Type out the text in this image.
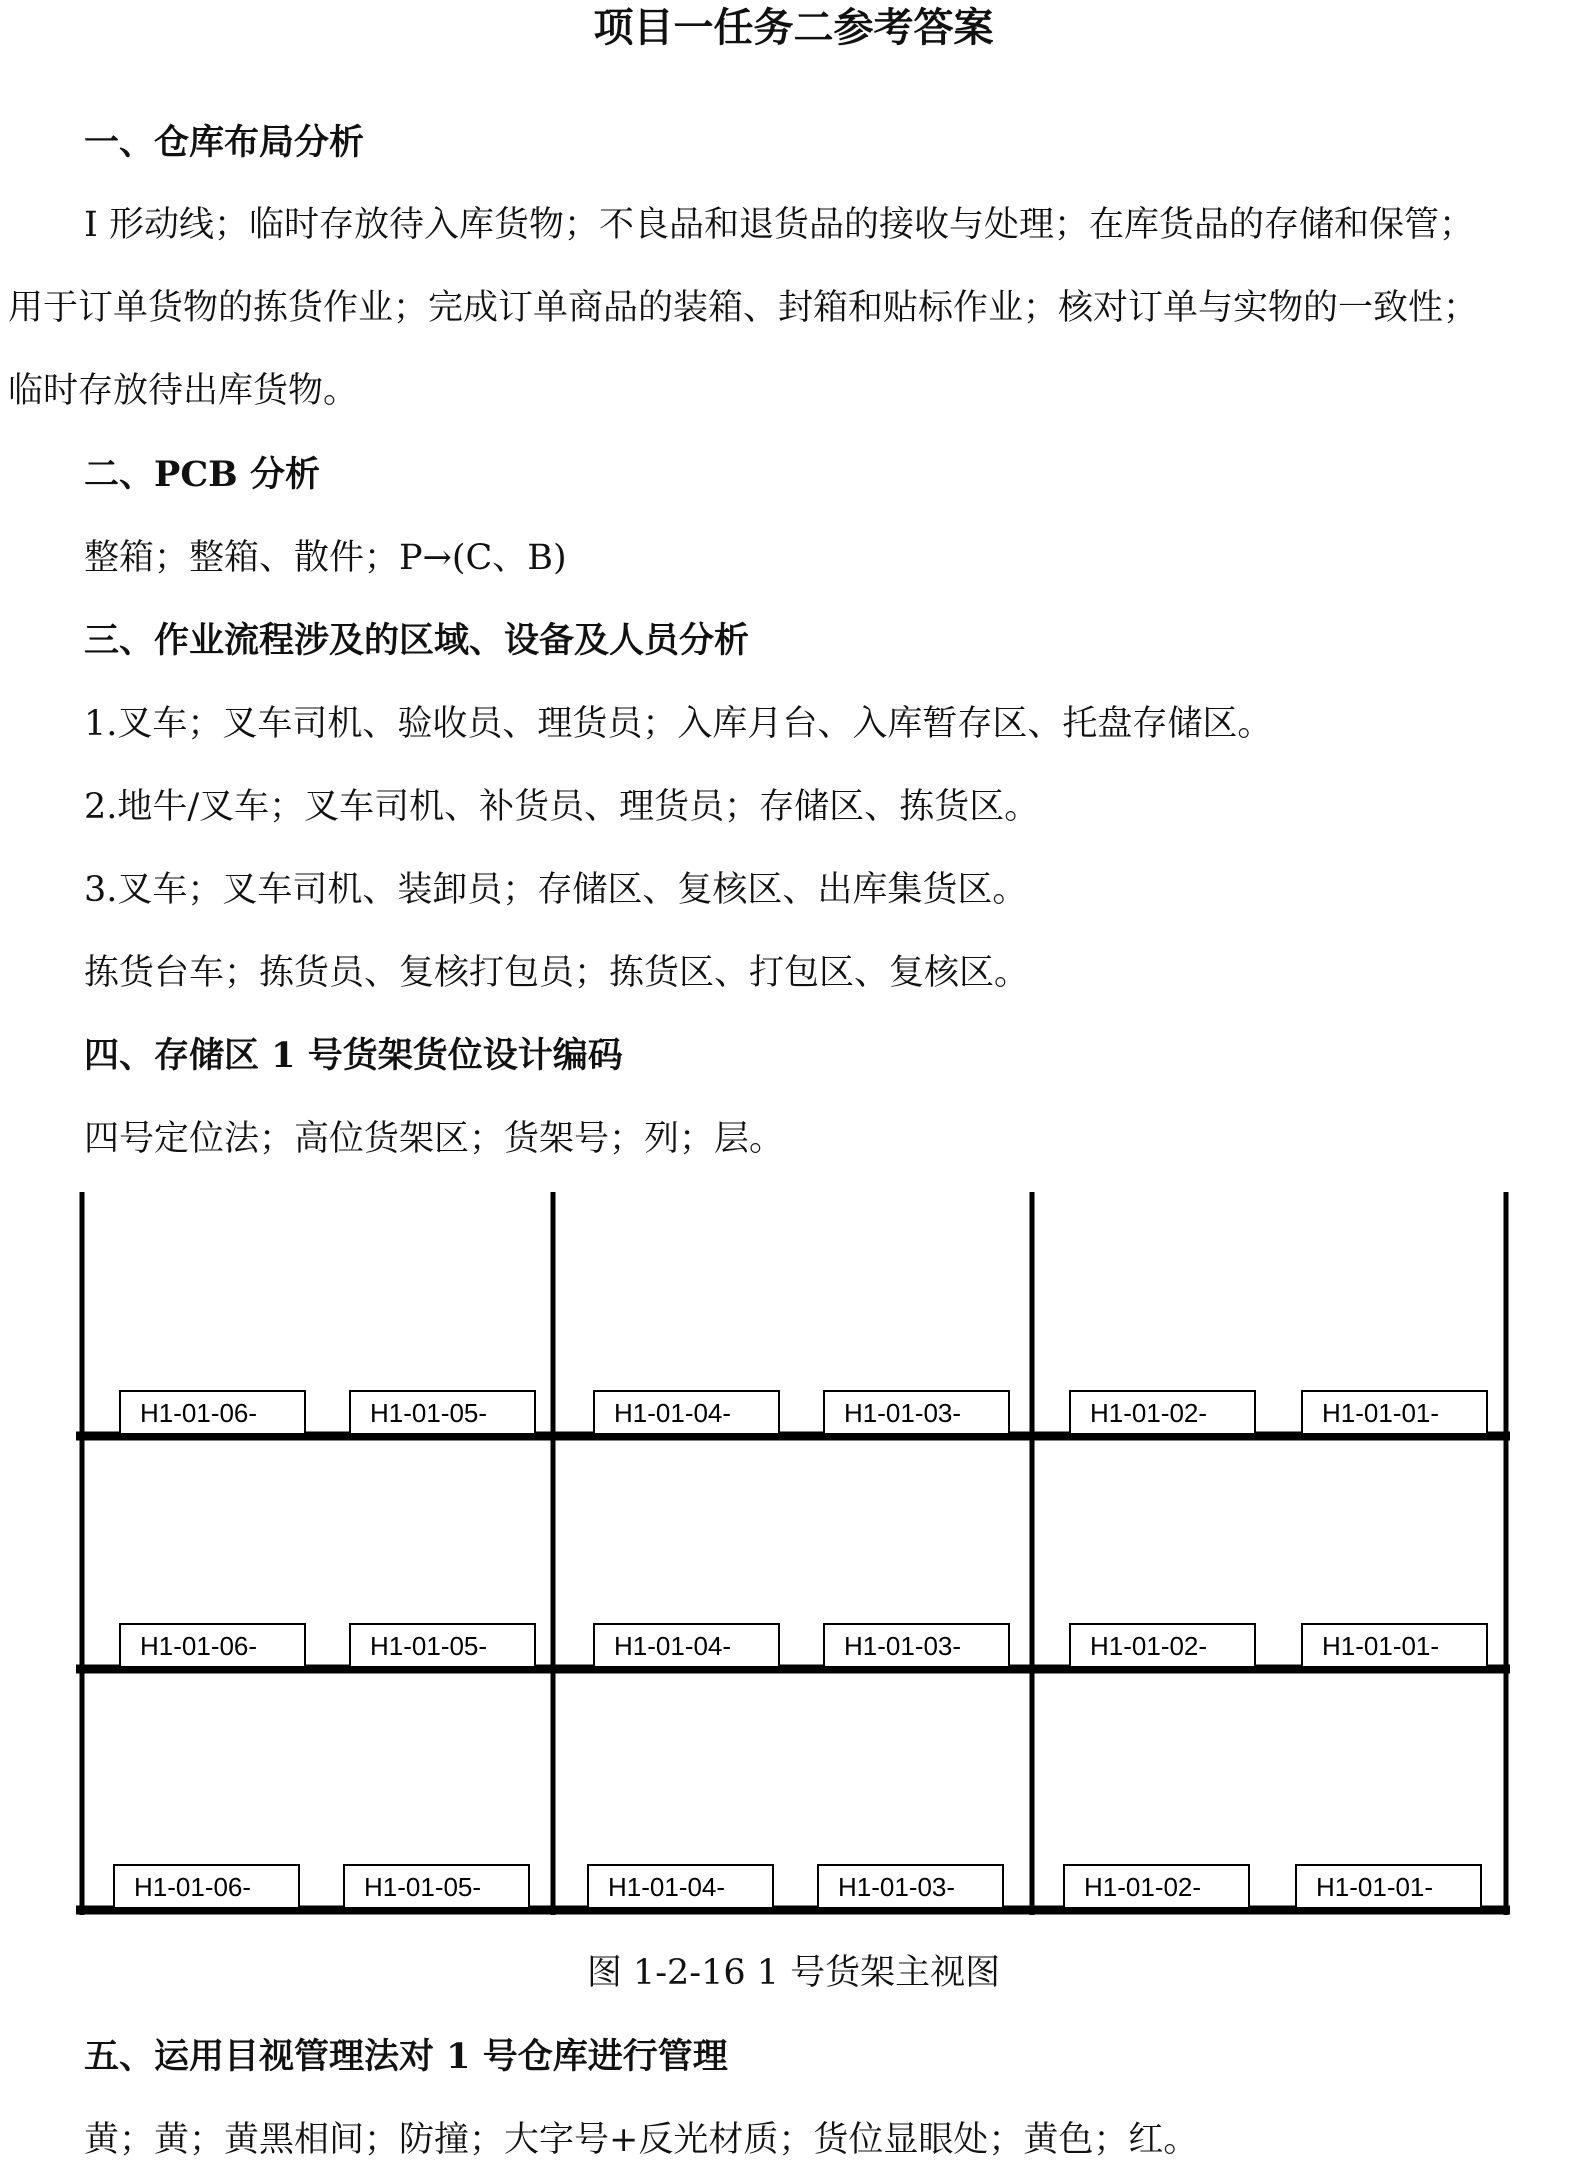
项目一任务二参考答案
一、仓库布局分析
I 形动线；临时存放待入库货物；不良品和退货品的接收与处理；在库货品的存储和保管；
用于订单货物的拣货作业；完成订单商品的装箱、封箱和贴标作业；核对订单与实物的一致性；
临时存放待出库货物。
二、PCB 分析
整箱；整箱、散件；P→(C、B)
三、作业流程涉及的区域、设备及人员分析
1.叉车；叉车司机、验收员、理货员；入库月台、入库暂存区、托盘存储区。
2.地牛/叉车；叉车司机、补货员、理货员；存储区、拣货区。
3.叉车；叉车司机、装卸员；存储区、复核区、出库集货区。
拣货台车；拣货员、复核打包员；拣货区、打包区、复核区。
四、存储区 1 号货架货位设计编码
四号定位法；高位货架区；货架号；列；层。
H1-01-06-	H1-01-05-	H1-01-04-	H1-01-03-	H1-01-02-	H1-01-01-
H1-01-06-	H1-01-05-	H1-01-04-	H1-01-03-	H1-01-02-	H1-01-01-
H1-01-06-	H1-01-05-	H1-01-04-	H1-01-03-	H1-01-02-	H1-01-01-
图 1-2-16 1 号货架主视图
五、运用目视管理法对 1 号仓库进行管理
黄；黄；黄黑相间；防撞；大字号+反光材质；货位显眼处；黄色；红。
